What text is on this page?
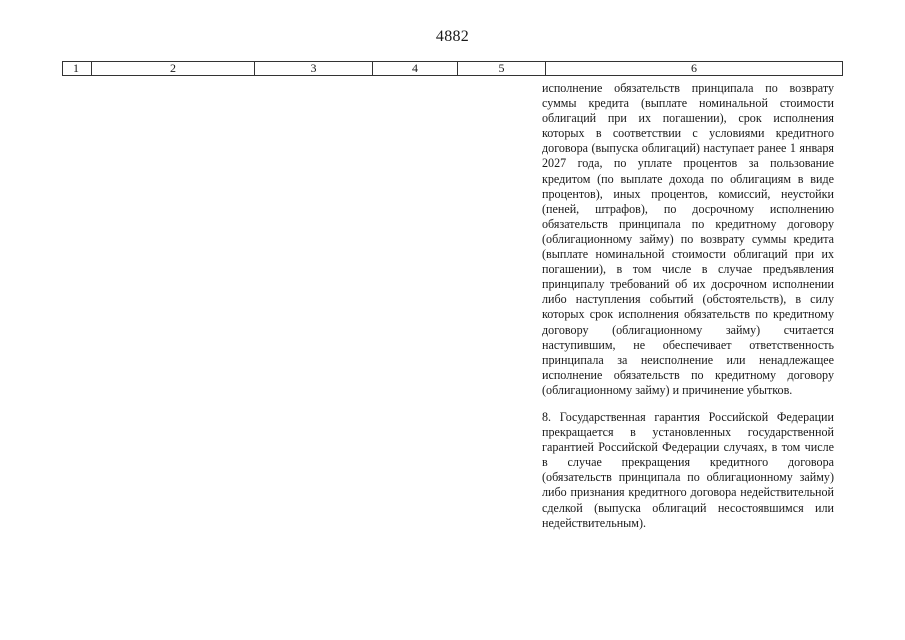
4882
1	2	3	4	5	6

исполнение обязательств принципала по возврату суммы кредита (выплате номинальной стоимости облигаций при их погашении), срок исполнения которых в соответствии с условиями кредитного договора (выпуска облигаций) наступает ранее 1 января 2027 года, по уплате процентов за пользование кредитом (по выплате дохода по облигациям в виде процентов), иных процентов, комиссий, неустойки (пеней, штрафов), по досрочному исполнению обязательств принципала по кредитному договору (облигационному займу) по возврату суммы кредита (выплате номинальной стоимости облигаций при их погашении), в том числе в случае предъявления принципалу требований об их досрочном исполнении либо наступления событий (обстоятельств), в силу которых срок исполнения обязательств по кредитному договору (облигационному займу) считается наступившим, не обеспечивает ответственность принципала за неисполнение или ненадлежащее исполнение обязательств по кредитному договору (облигационному займу) и причинение убытков.

8. Государственная гарантия Российской Федерации прекращается в установленных государственной гарантией Российской Федерации случаях, в том числе в случае прекращения кредитного договора (обязательств принципала по облигационному займу) либо признания кредитного договора недействительной сделкой (выпуска облигаций несостоявшимся или недействительным).
